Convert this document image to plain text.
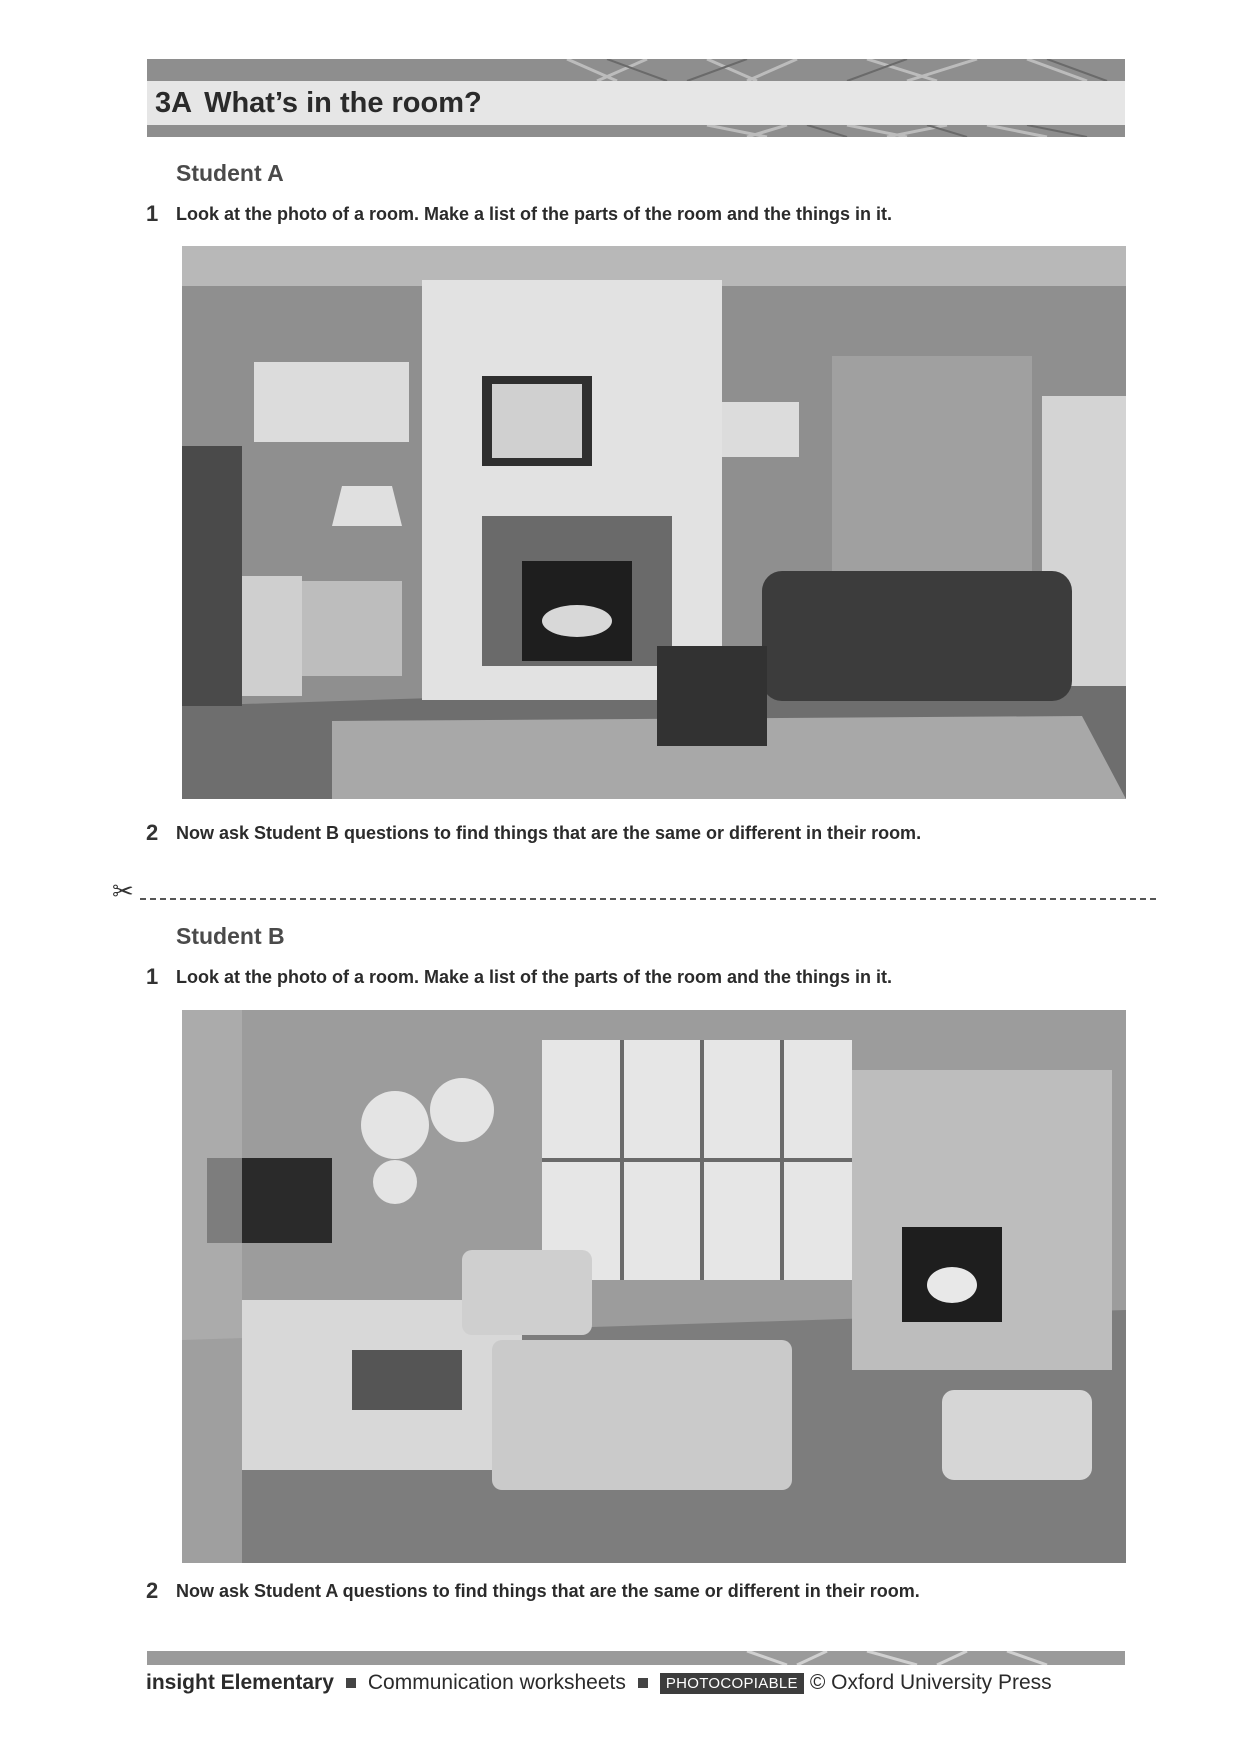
3A What’s in the room?
Student A
1 Look at the photo of a room. Make a list of the parts of the room and the things in it.
2 Now ask Student B questions to find things that are the same or different in their room.
✂
Student B
1 Look at the photo of a room. Make a list of the parts of the room and the things in it.
2 Now ask Student A questions to find things that are the same or different in their room.
insight Elementary Communication worksheets	PHOTOCOPIABLE © Oxford University Press
